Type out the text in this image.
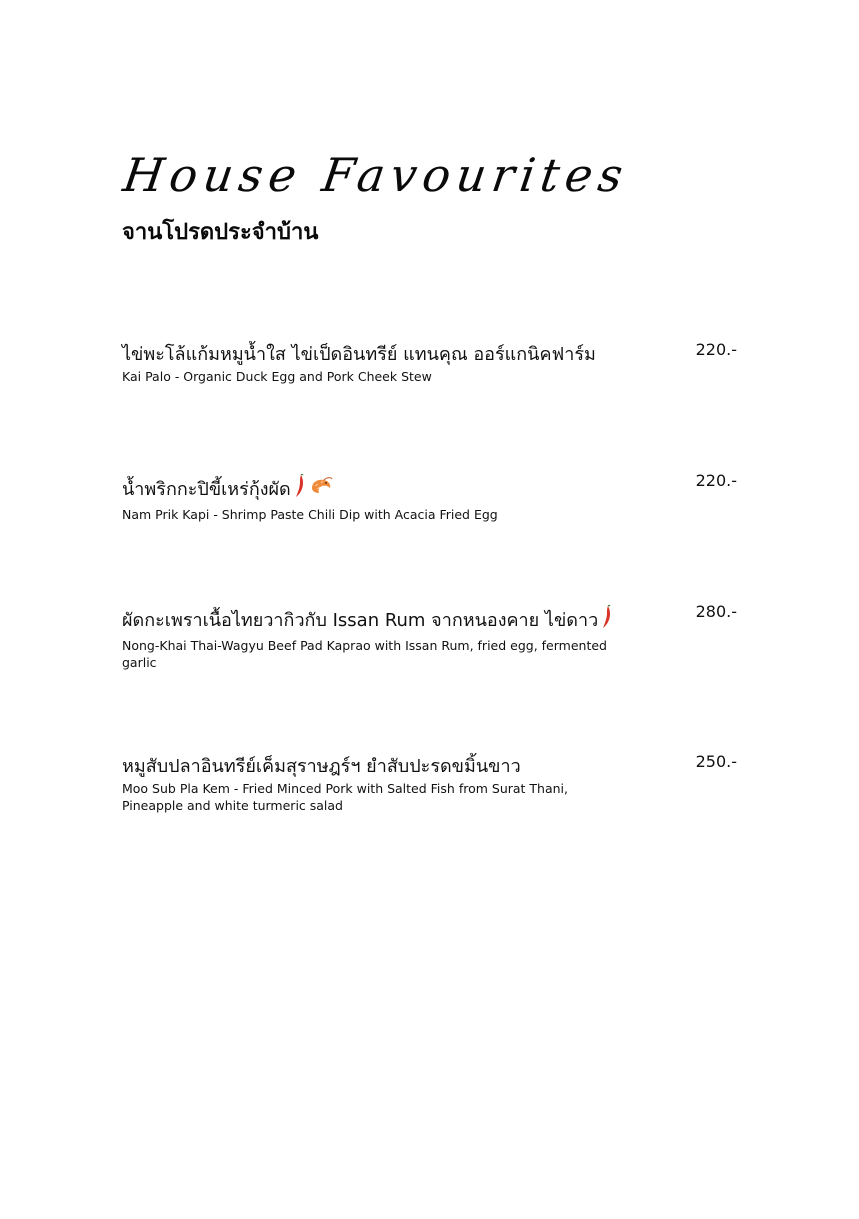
House Favourites
จานโปรดประจำบ้าน
ไข่พะโล้แก้มหมูน้ำใส ไข่เป็ดอินทรีย์ แทนคุณ ออร์แกนิคฟาร์ม
Kai Palo - Organic Duck Egg and Pork Cheek Stew
220.-
น้ำพริกกะปิขี้เหร่กุ้งผัด
Nam Prik Kapi - Shrimp Paste Chili Dip with Acacia Fried Egg
220.-
ผัดกะเพราเนื้อไทยวากิวกับ Issan Rum จากหนองคาย ไข่ดาว
Nong-Khai Thai-Wagyu Beef Pad Kaprao with Issan Rum, fried egg, fermented garlic
280.-
หมูสับปลาอินทรีย์เค็มสุราษฎร์ฯ ยำสับปะรดขมิ้นขาว
Moo Sub Pla Kem - Fried Minced Pork with Salted Fish from Surat Thani, Pineapple and white turmeric salad
250.-
